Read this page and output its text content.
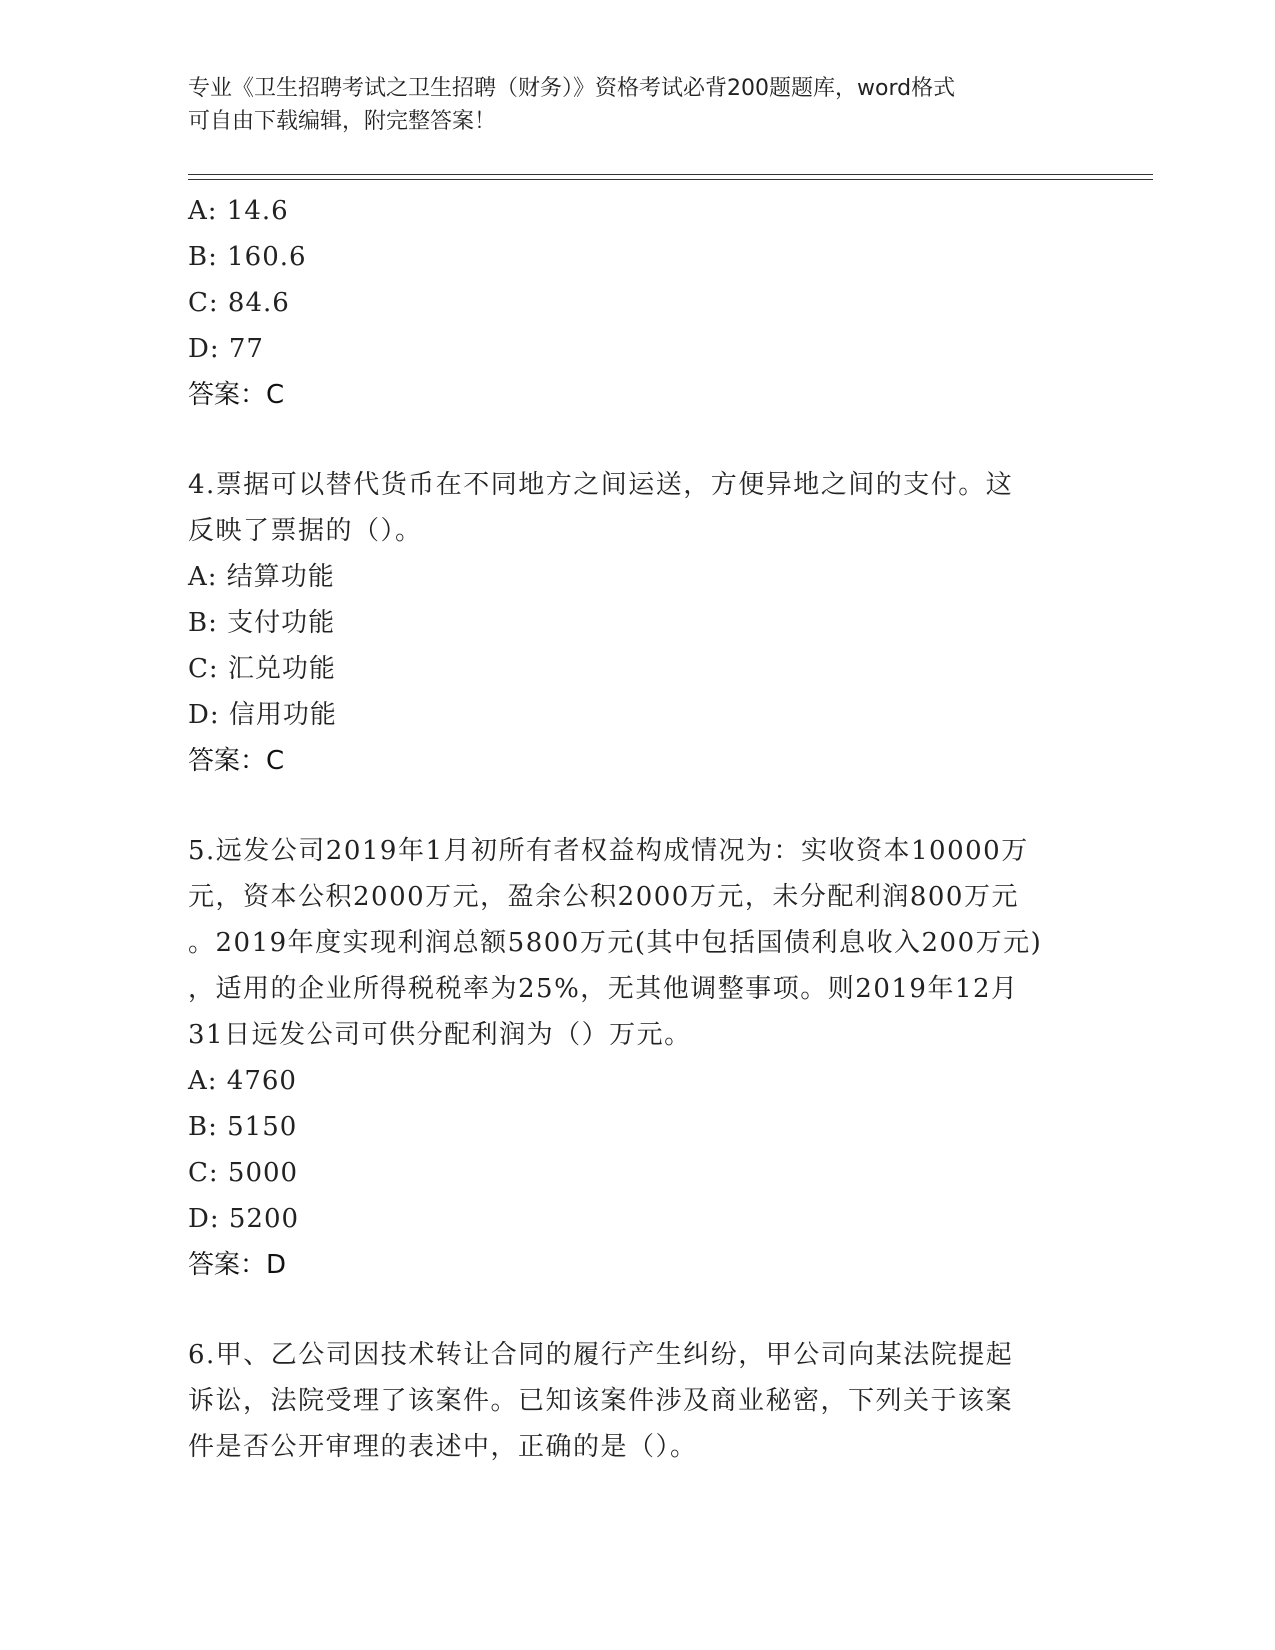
专业《卫生招聘考试之卫生招聘（财务）》资格考试必背200题题库，word格式
可自由下载编辑，附完整答案！
A: 14.6
B: 160.6
C: 84.6
D: 77
答案：C
4.票据可以替代货币在不同地方之间运送，方便异地之间的支付。这
反映了票据的（）。
A: 结算功能
B: 支付功能
C: 汇兑功能
D: 信用功能
答案：C
5.远发公司2019年1月初所有者权益构成情况为：实收资本10000万
元，资本公积2000万元，盈余公积2000万元，未分配利润800万元
。2019年度实现利润总额5800万元(其中包括国债利息收入200万元)
，适用的企业所得税税率为25%，无其他调整事项。则2019年12月
31日远发公司可供分配利润为（）万元。
A: 4760
B: 5150
C: 5000
D: 5200
答案：D
6.甲、乙公司因技术转让合同的履行产生纠纷，甲公司向某法院提起
诉讼，法院受理了该案件。已知该案件涉及商业秘密，下列关于该案
件是否公开审理的表述中，正确的是（）。
